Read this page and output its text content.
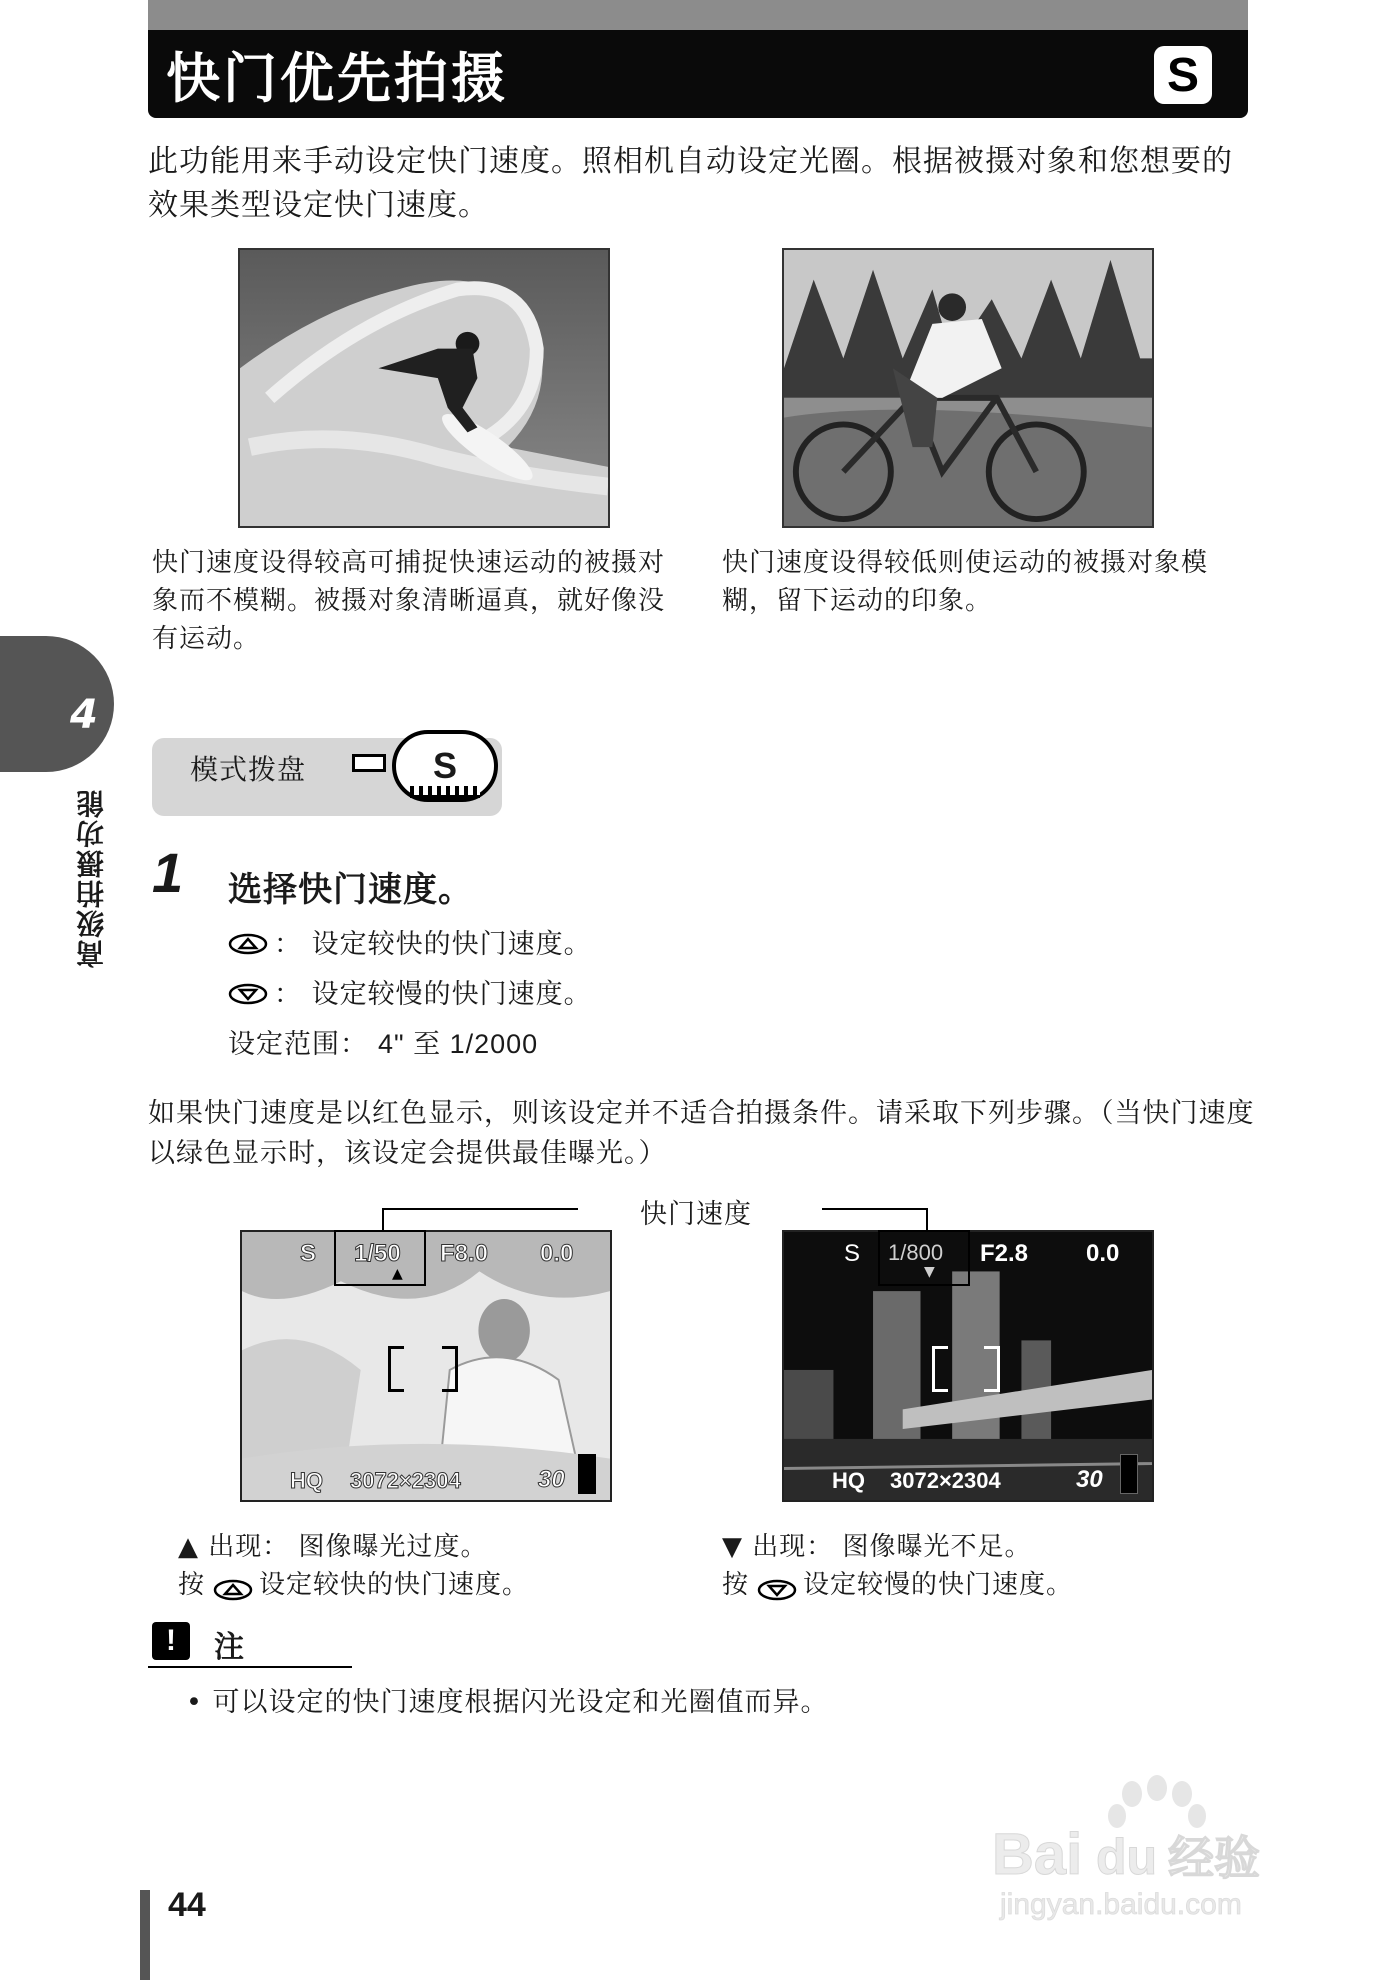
快门优先拍摄	S

此功能用来手动设定快门速度。照相机自动设定光圈。根据被摄对象和您想要的效果类型设定快门速度。

快门速度设得较高可捕捉快速运动的被摄对象而不模糊。被摄对象清晰逼真，就好像没有运动。

快门速度设得较低则使运动的被摄对象模糊，留下运动的印象。

4
高级拍摄功能
模式拨盘	S
1 选择快门速度。
： 设定较快的快门速度。
： 设定较慢的快门速度。
设定范围： 4" 至 1/2000

如果快门速度是以红色显示，则该设定并不适合拍摄条件。请采取下列步骤。（当快门速度以绿色显示时，该设定会提供最佳曝光。）

快门速度
S 1/50 F8.0 0.0
HQ 3072×2304	30
▲
S 1/800 F2.8 0.0
HQ 3072×2304	30
▼
▲ 出现： 图像曝光过度。
按 设定较快的快门速度。
▼ 出现： 图像曝光不足。
按 设定较慢的快门速度。
!	注

• 可以设定的快门速度根据闪光设定和光圈值而异。

44
Bai du 经验
jingyan.baidu.com
